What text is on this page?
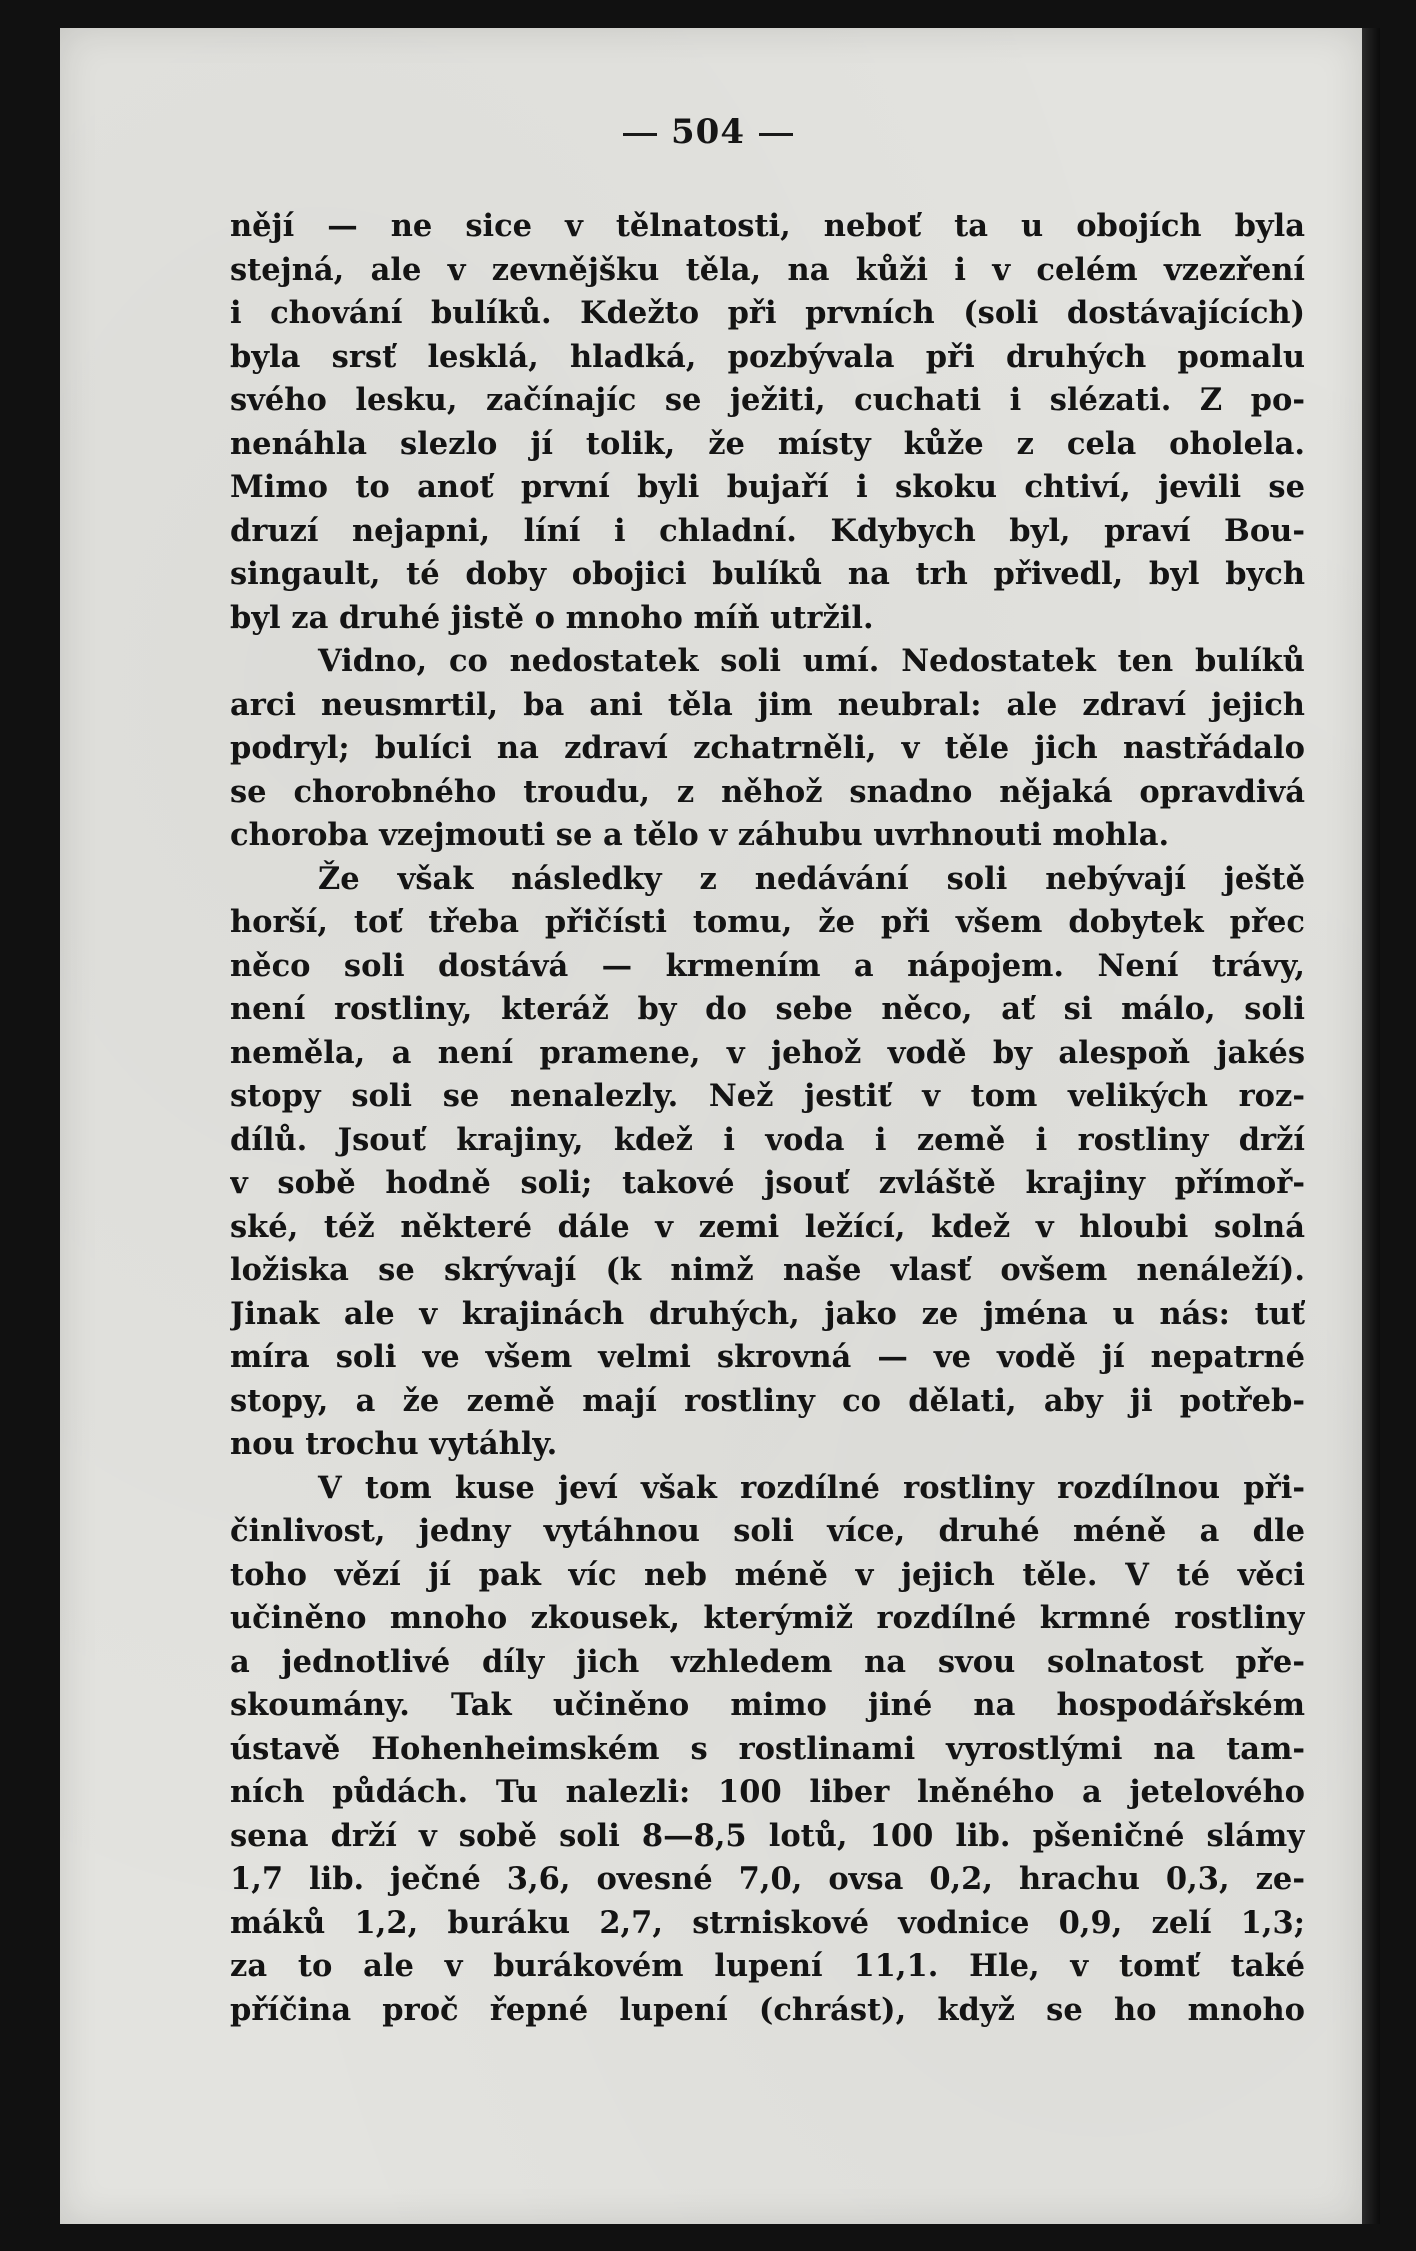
504
nějí — ne sice v tělnatosti, neboť ta u obojích byla
stejná, ale v zevnějšku těla, na kůži i v celém vzezření
i chování bulíků. Kdežto při prvních (soli dostávajících)
byla srsť lesklá, hladká, pozbývala při druhých pomalu
svého lesku, začínajíc se ježiti, cuchati i slézati. Z po-
nenáhla slezlo jí tolik, že místy kůže z cela oholela.
Mimo to anoť první byli bujaří i skoku chtiví, jevili se
druzí nejapni, líní i chladní. Kdybych byl, praví Bou-
singault, té doby obojici bulíků na trh přivedl, byl bych
byl za druhé jistě o mnoho míň utržil.
Vidno, co nedostatek soli umí. Nedostatek ten bulíků
arci neusmrtil, ba ani těla jim neubral: ale zdraví jejich
podryl; bulíci na zdraví zchatrněli, v těle jich nastřádalo
se chorobného troudu, z něhož snadno nějaká opravdivá
choroba vzejmouti se a tělo v záhubu uvrhnouti mohla.
Že však následky z nedávání soli nebývají ještě
horší, toť třeba přičísti tomu, že při všem dobytek přec
něco soli dostává — krmením a nápojem. Není trávy,
není rostliny, kteráž by do sebe něco, ať si málo, soli
neměla, a není pramene, v jehož vodě by alespoň jakés
stopy soli se nenalezly. Než jestiť v tom velikých roz-
dílů. Jsouť krajiny, kdež i voda i země i rostliny drží
v sobě hodně soli; takové jsouť zvláště krajiny přímoř-
ské, též některé dále v zemi ležící, kdež v hloubi solná
ložiska se skrývají (k nimž naše vlasť ovšem nenáleží).
Jinak ale v krajinách druhých, jako ze jména u nás: tuť
míra soli ve všem velmi skrovná — ve vodě jí nepatrné
stopy, a že země mají rostliny co dělati, aby ji potřeb-
nou trochu vytáhly.
V tom kuse jeví však rozdílné rostliny rozdílnou při-
činlivost, jedny vytáhnou soli více, druhé méně a dle
toho vězí jí pak víc neb méně v jejich těle. V té věci
učiněno mnoho zkousek, kterýmiž rozdílné krmné rostliny
a jednotlivé díly jich vzhledem na svou solnatost pře-
skoumány. Tak učiněno mimo jiné na hospodářském
ústavě Hohenheimském s rostlinami vyrostlými na tam-
ních půdách. Tu nalezli: 100 liber lněného a jetelového
sena drží v sobě soli 8—8,5 lotů, 100 lib. pšeničné slámy
1,7 lib. ječné 3,6, ovesné 7,0, ovsa 0,2, hrachu 0,3, ze-
máků 1,2, buráku 2,7, strniskové vodnice 0,9, zelí 1,3;
za to ale v burákovém lupení 11,1. Hle, v tomť také
příčina proč řepné lupení (chrást), když se ho mnoho
